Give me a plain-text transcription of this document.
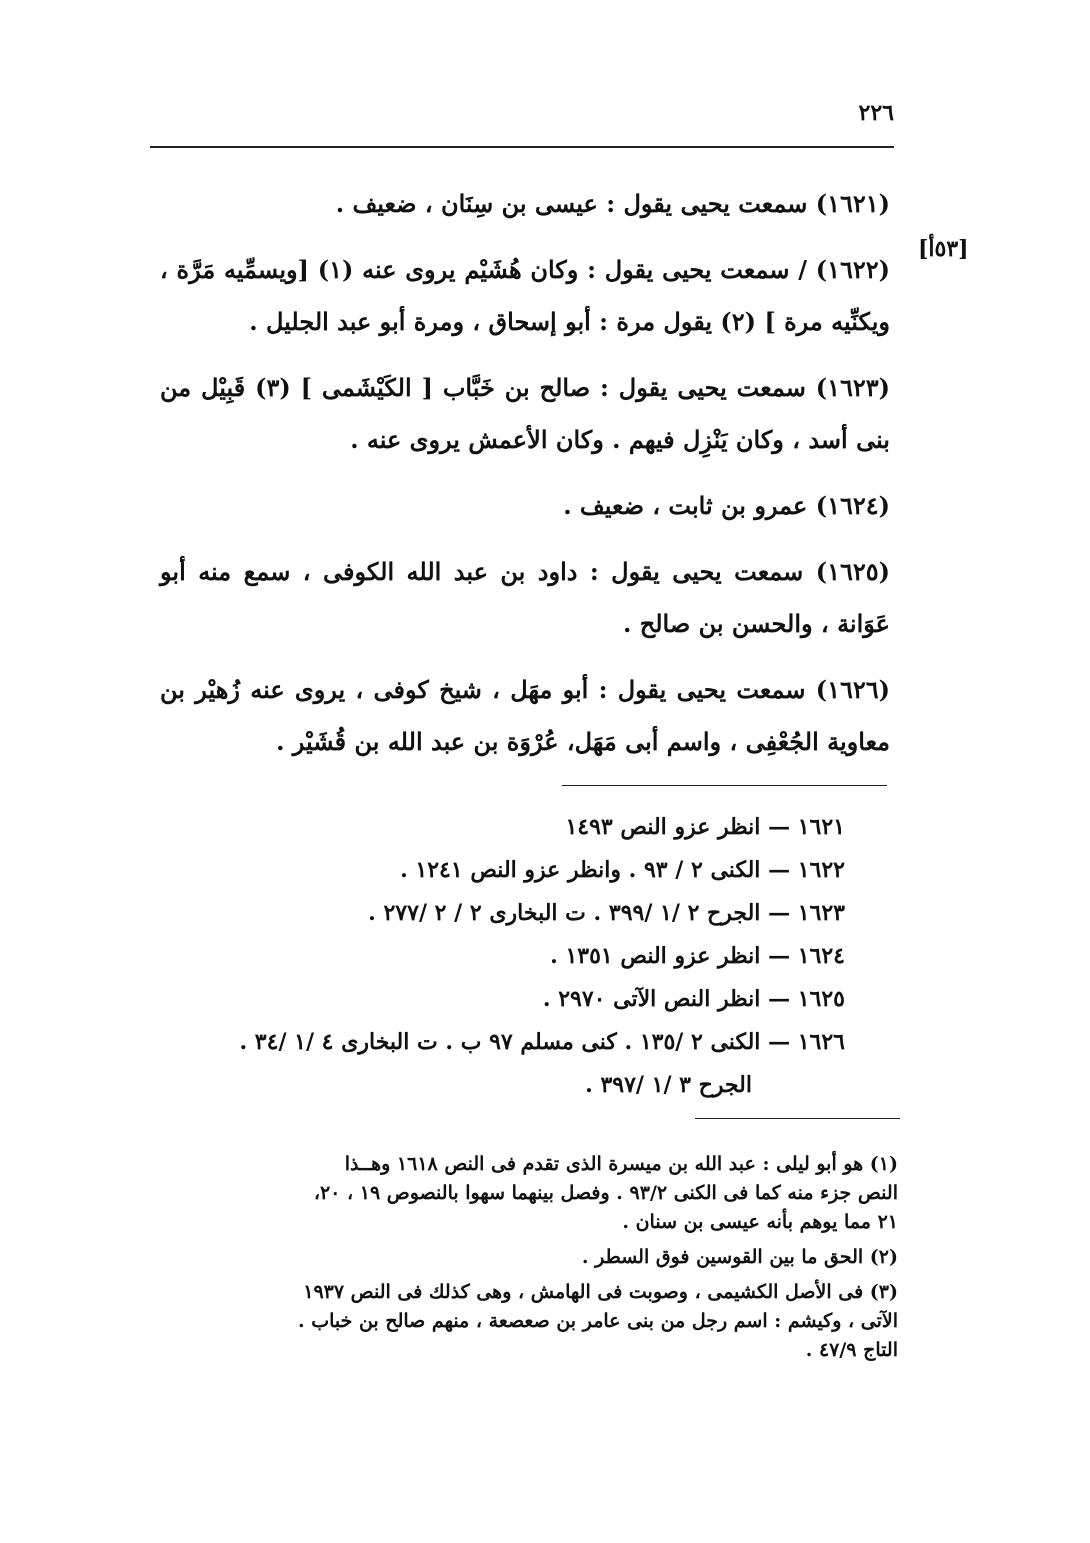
٢٢٦
[٥٣أ]

(١٦٢١) سمعت يحيى يقول : عيسى بن سِنَان ، ضعيف .

(١٦٢٢) / سمعت يحيى يقول : وكان هُشَيْم يروى عنه (١) [ويسمِّيه مَرَّة ، ويكنِّيه مرة ] (٢) يقول مرة : أبو إسحاق ، ومرة أبو عبد الجليل .

(١٦٢٣) سمعت يحيى يقول : صالح بن خَبَّاب [ الكَيْشَمى ] (٣) قَبِيْل من بنى أسد ، وكان يَنْزِل فيهم . وكان الأعمش يروى عنه .

(١٦٢٤) عمرو بن ثابت ، ضعيف .

(١٦٢٥) سمعت يحيى يقول : داود بن عبد الله الكوفى ، سمع منه أبو عَوَانة ، والحسن بن صالح .

(١٦٢٦) سمعت يحيى يقول : أبو مهَل ، شيخ كوفى ، يروى عنه زُهيْر بن معاوية الجُعْفِى ، واسم أبى مَهَل، عُرْوَة بن عبد الله بن قُشَيْر .

١٦٢١ — انظر عزو النص ١٤٩٣

١٦٢٢ — الكنى ٢ / ٩٣ . وانظر عزو النص ١٢٤١ .

١٦٢٣ — الجرح ٢ /١ /٣٩٩ . ت البخارى ٢ / ٢ /٢٧٧ .

١٦٢٤ — انظر عزو النص ١٣٥١ .

١٦٢٥ — انظر النص الآتى ٢٩٧٠ .

١٦٢٦ — الكنى ٢ /١٣٥ . كنى مسلم ٩٧ ب . ت البخارى ٤ /١ /٣٤ .

الجرح ٣ /١ /٣٩٧ .

(١) هو أبو ليلى : عبد الله بن ميسرة الذى تقدم فى النص ١٦١٨ وهــذا
النص جزء منه كما فى الكنى ٩٣/٢ . وفصل بينهما سهوا بالنصوص ١٩ ، ٢٠،
٢١ مما يوهم بأنه عيسى بن سنان .

(٢) الحق ما بين القوسين فوق السطر .

(٣) فى الأصل الكشيمى ، وصوبت فى الهامش ، وهى كذلك فى النص ١٩٣٧
الآتى ، وكيشم : اسم رجل من بنى عامر بن صعصعة ، منهم صالح بن خباب .
التاج ٤٧/٩ .
